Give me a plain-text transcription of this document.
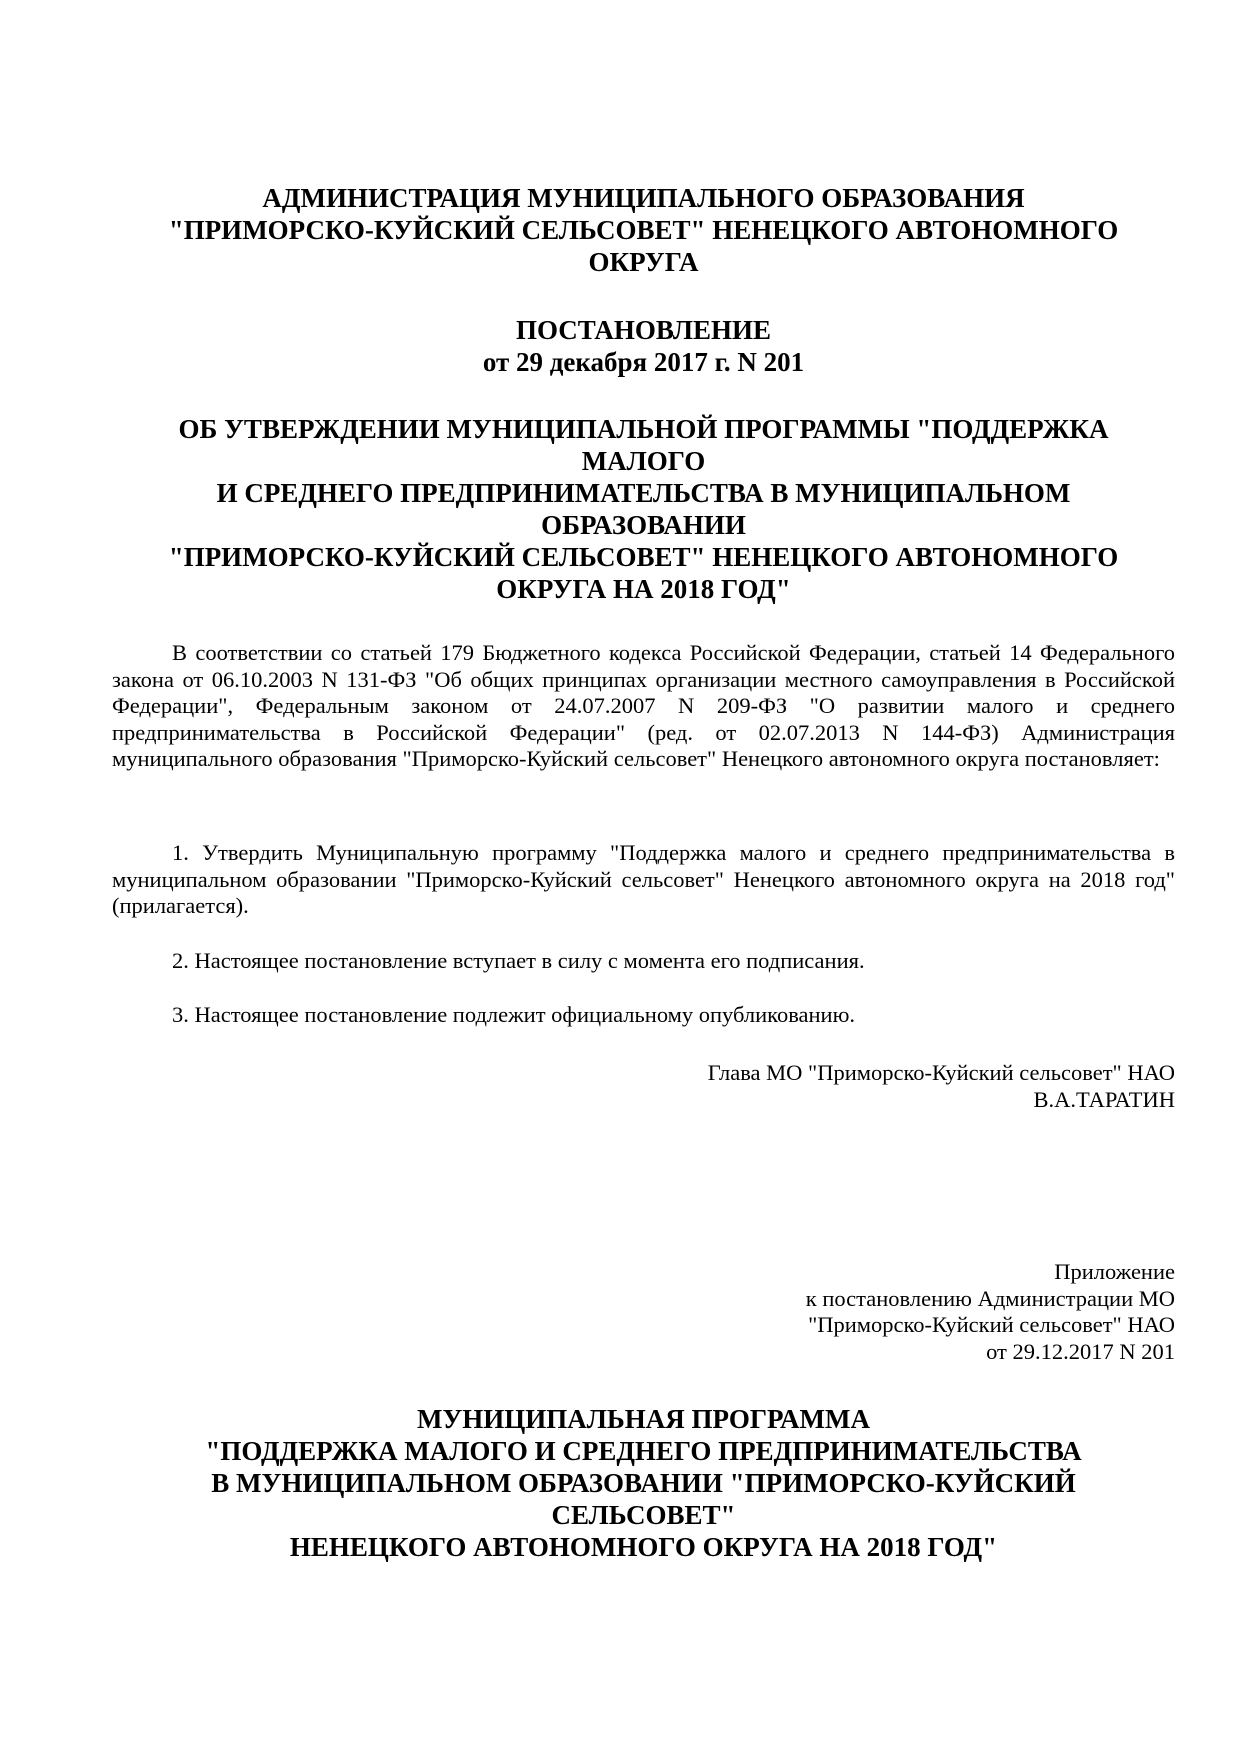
АДМИНИСТРАЦИЯ МУНИЦИПАЛЬНОГО ОБРАЗОВАНИЯ
"ПРИМОРСКО-КУЙСКИЙ СЕЛЬСОВЕТ" НЕНЕЦКОГО АВТОНОМНОГО
ОКРУГА

ПОСТАНОВЛЕНИЕ
от 29 декабря 2017 г. N 201

ОБ УТВЕРЖДЕНИИ МУНИЦИПАЛЬНОЙ ПРОГРАММЫ "ПОДДЕРЖКА
МАЛОГО
И СРЕДНЕГО ПРЕДПРИНИМАТЕЛЬСТВА В МУНИЦИПАЛЬНОМ
ОБРАЗОВАНИИ
"ПРИМОРСКО-КУЙСКИЙ СЕЛЬСОВЕТ" НЕНЕЦКОГО АВТОНОМНОГО
ОКРУГА НА 2018 ГОД"

В соответствии со статьей 179 Бюджетного кодекса Российской Федерации, статьей 14 Федерального закона от 06.10.2003 N 131-ФЗ "Об общих принципах организации местного самоуправления в Российской Федерации", Федеральным законом от 24.07.2007 N 209-ФЗ "О развитии малого и среднего предпринимательства в Российской Федерации" (ред. от 02.07.2013 N 144-ФЗ) Администрация муниципального образования "Приморско-Куйский сельсовет" Ненецкого автономного округа постановляет:

1. Утвердить Муниципальную программу "Поддержка малого и среднего предпринимательства в муниципальном образовании "Приморско-Куйский сельсовет" Ненецкого автономного округа на 2018 год" (прилагается).

2. Настоящее постановление вступает в силу с момента его подписания.

3. Настоящее постановление подлежит официальному опубликованию.

Глава МО "Приморско-Куйский сельсовет" НАО
В.А.ТАРАТИН
Приложение
к постановлению Администрации МО
"Приморско-Куйский сельсовет" НАО
от 29.12.2017 N 201

МУНИЦИПАЛЬНАЯ ПРОГРАММА
"ПОДДЕРЖКА МАЛОГО И СРЕДНЕГО ПРЕДПРИНИМАТЕЛЬСТВА
В МУНИЦИПАЛЬНОМ ОБРАЗОВАНИИ "ПРИМОРСКО-КУЙСКИЙ
СЕЛЬСОВЕТ"
НЕНЕЦКОГО АВТОНОМНОГО ОКРУГА НА 2018 ГОД"
